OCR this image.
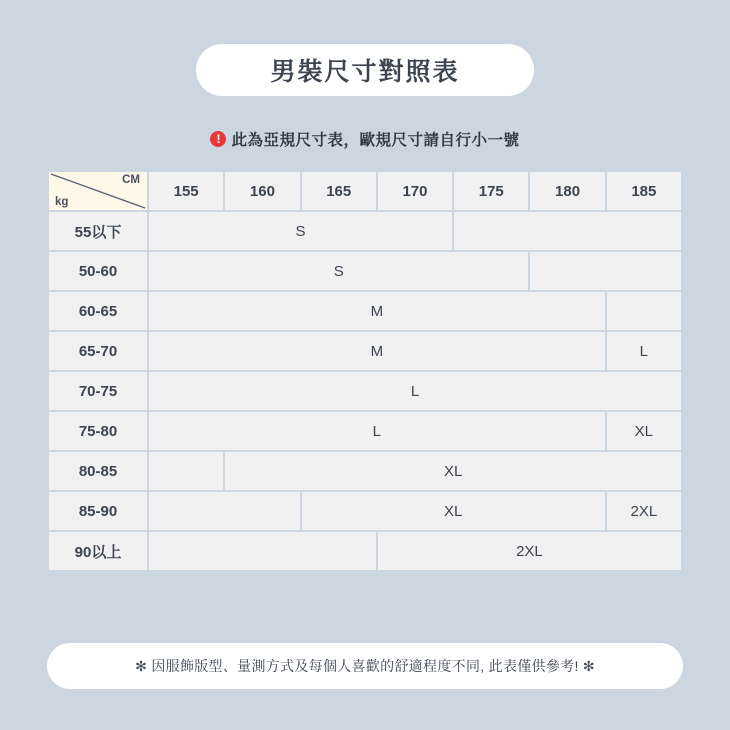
男裝尺寸對照表
! 此為亞規尺寸表，歐規尺寸請自行小一號
CM
kg	155	160	165	170	175	180	185
55以下	S						
50-60	S						
60-65	M						
65-70	M						L
70-75	L						
75-80	L						XL
80-85		XL					
85-90			XL				2XL
90以上				2XL			
✻ 因服飾版型、量測方式及每個人喜歡的舒適程度不同, 此表僅供參考! ✻
